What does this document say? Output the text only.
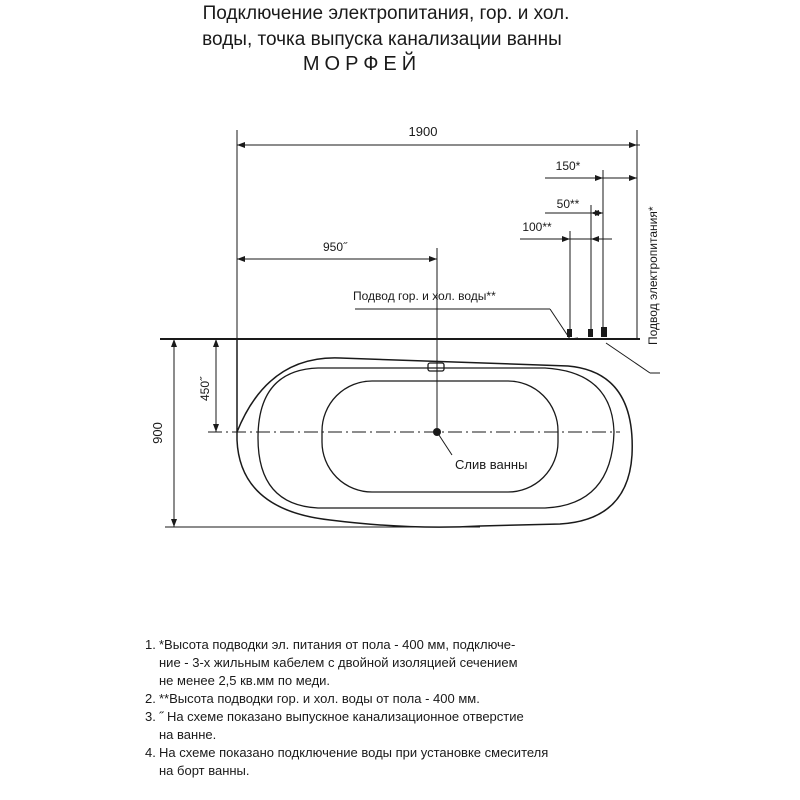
Подключение электропитания, гор. и хол.
воды, точка выпуска канализации ванны
МОРФЕЙ
1900
150*
50**
100**
950˝
Подвод гор. и хол. воды**	Подвод электропитания*
900
450˝
Слив ванны
1. *Высота подводки эл. питания от пола - 400 мм, подключе-
ние - 3-х жильным кабелем с двойной изоляцией сечением
не менее 2,5 кв.мм по меди.
2. **Высота подводки гор. и хол. воды от пола - 400 мм.
3. ˝ На схеме показано выпускное канализационное отверстие
на ванне.
4. На схеме показано подключение воды при установке смесителя
на борт ванны.
